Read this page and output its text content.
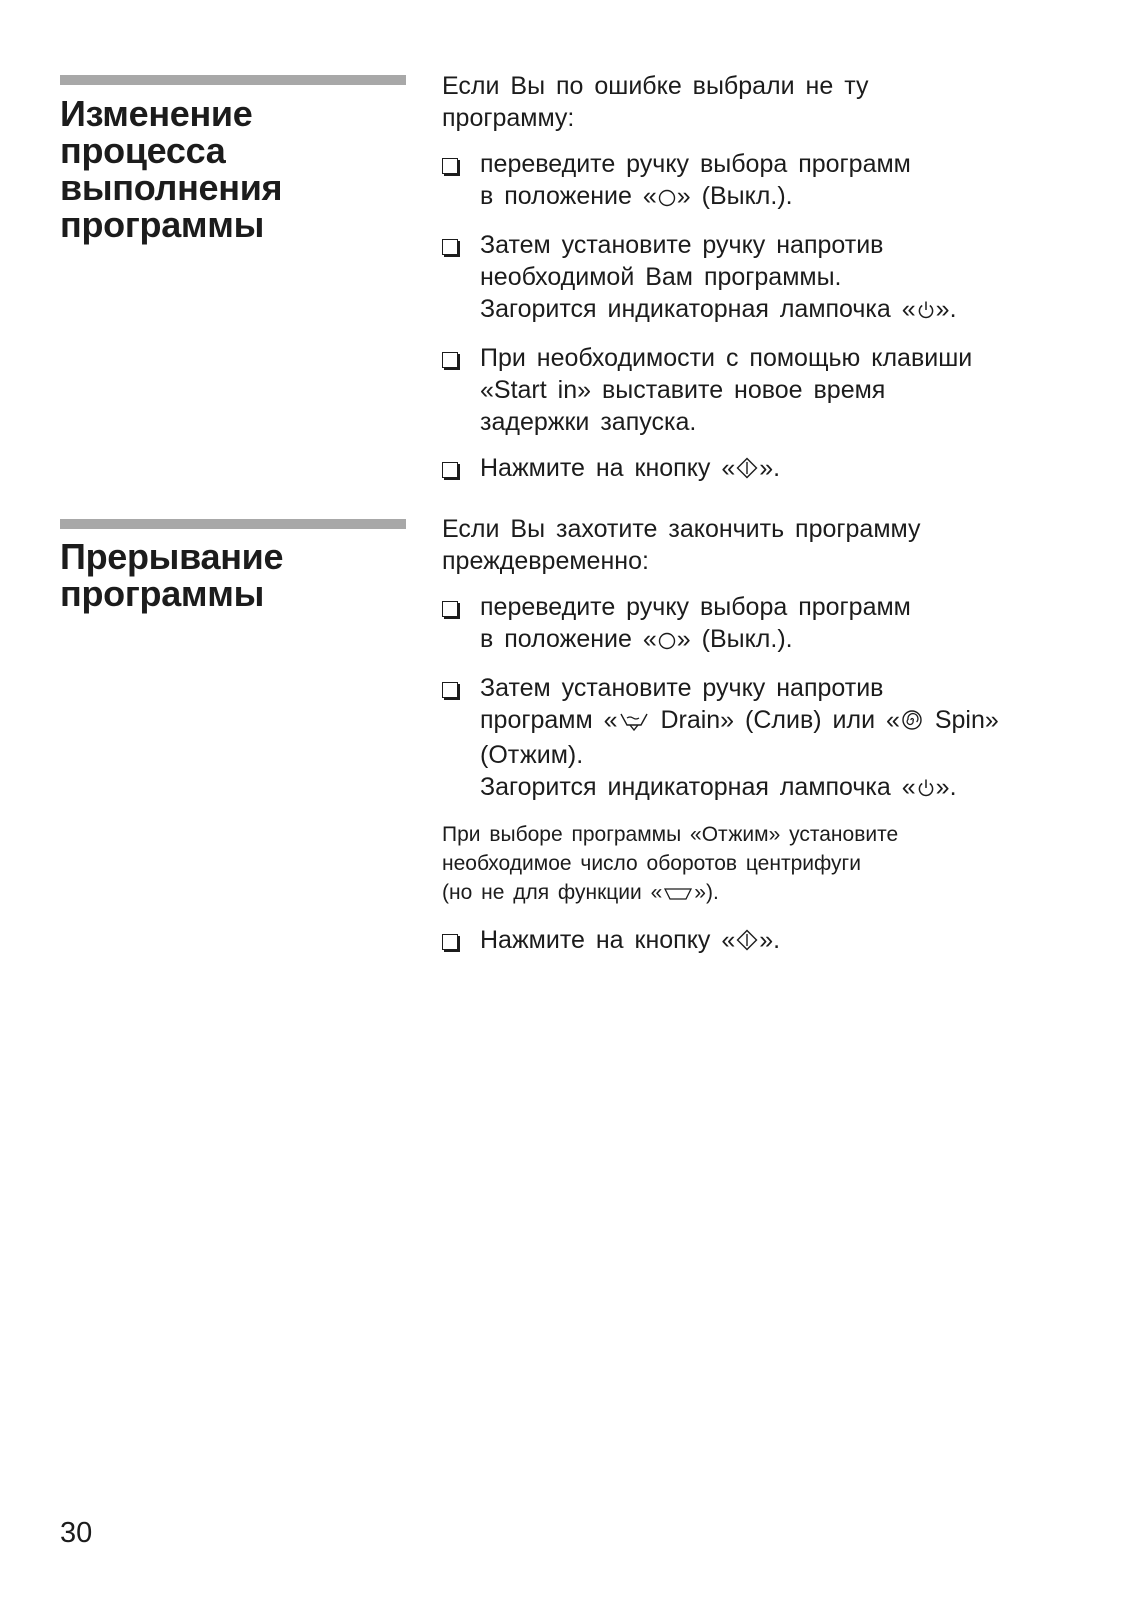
Изменение
процесса
выполнения
программы

Если Вы по ошибке выбрали не ту
программу:

переведите ручку выбора программ
в положение « » (Выкл.).
Затем установите ручку напротив
необходимой Вам программы.
Загорится индикаторная лампочка « ».
При необходимости с помощью клавиши
«Start in» выставите новое время
задержки запуска.
Нажмите на кнопку « ».
Прерывание
программы

Если Вы захотите закончить программу
преждевременно:

переведите ручку выбора программ
в положение « » (Выкл.).
Затем установите ручку напротив
программ « Drain» (Слив) или « Spin»
(Отжим).
Загорится индикаторная лампочка « ».

При выборе программы «Отжим» установите
необходимое число оборотов центрифуги
(но не для функции « »).

Нажмите на кнопку « ».

30
